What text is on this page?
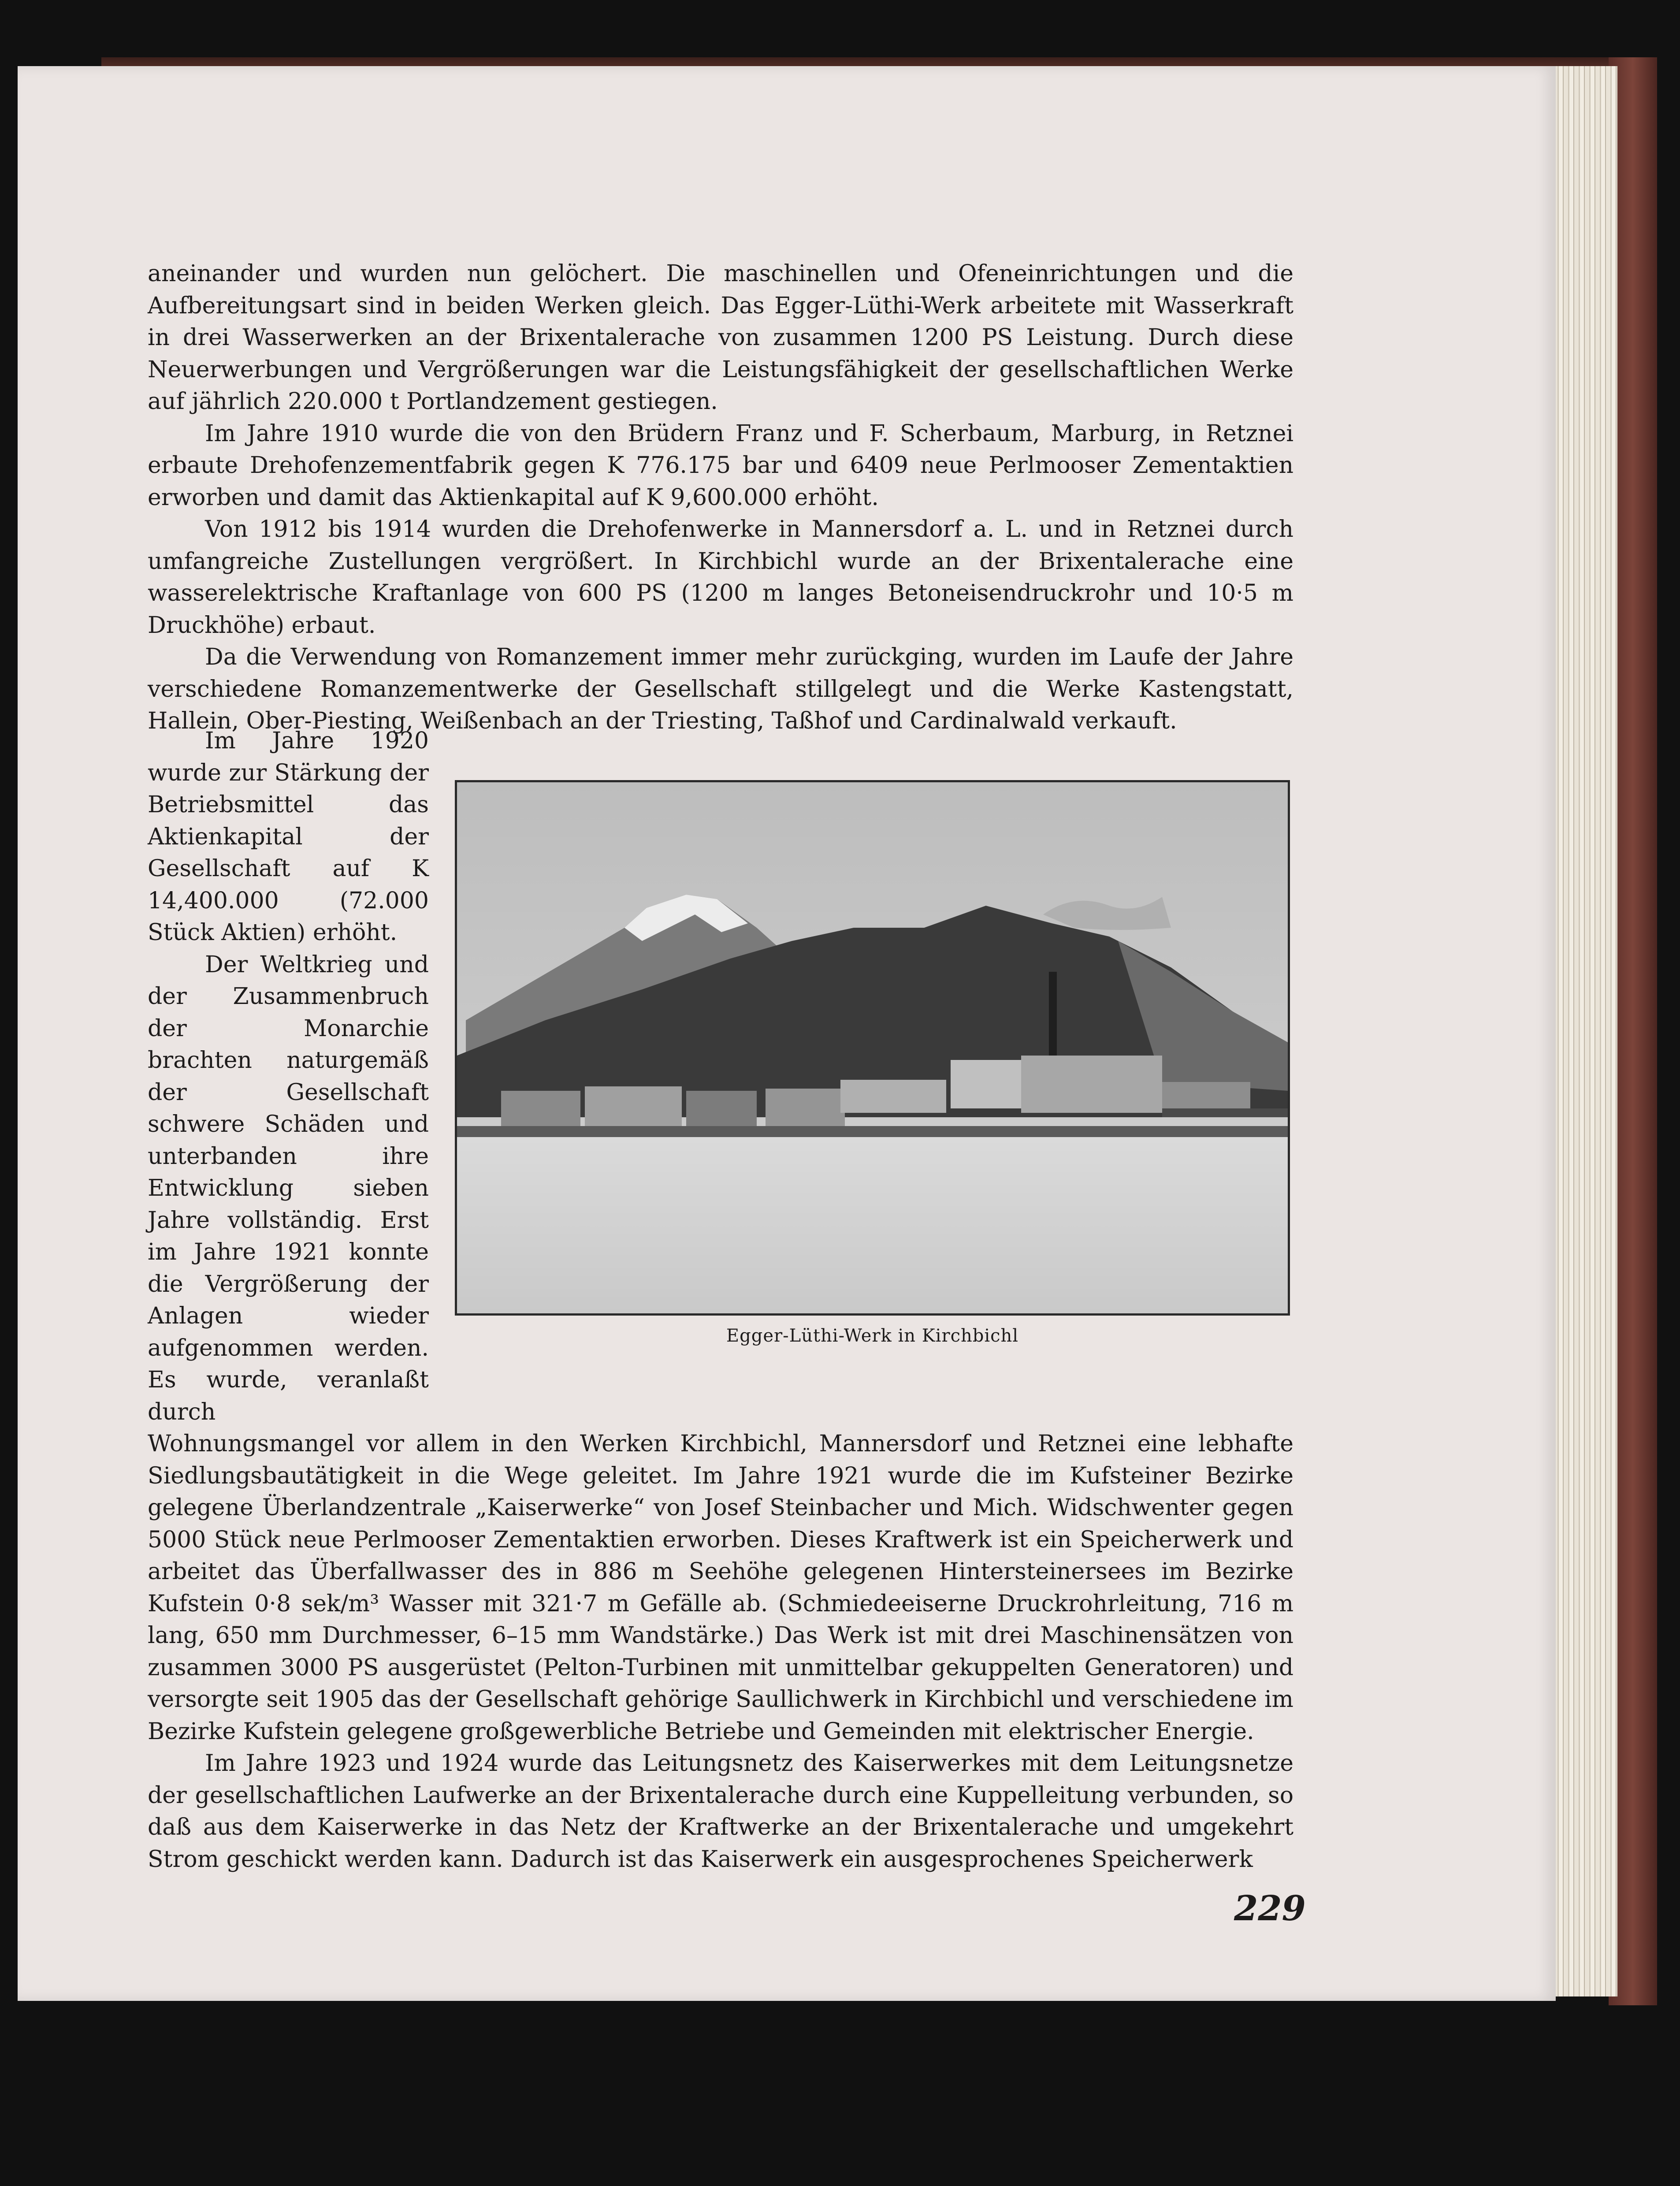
aneinander und wurden nun gelöchert. Die maschinellen und Ofeneinrichtungen und die Aufbereitungsart sind in beiden Werken gleich. Das Egger-Lüthi-Werk arbeitete mit Wasserkraft in drei Wasserwerken an der Brixentalerache von zusammen 1200 PS Leistung. Durch diese Neuerwerbungen und Vergrößerungen war die Leistungsfähigkeit der gesellschaftlichen Werke auf jährlich 220.000 t Portlandzement gestiegen.

Im Jahre 1910 wurde die von den Brüdern Franz und F. Scherbaum, Marburg, in Retznei erbaute Drehofenzementfabrik gegen K 776.175 bar und 6409 neue Perlmooser Zementaktien erworben und damit das Aktienkapital auf K 9,600.000 erhöht.

Von 1912 bis 1914 wurden die Drehofenwerke in Mannersdorf a. L. und in Retznei durch umfangreiche Zustellungen vergrößert. In Kirchbichl wurde an der Brixentalerache eine wasserelektrische Kraftanlage von 600 PS (1200 m langes Betoneisendruckrohr und 10·5 m Druckhöhe) erbaut.

Da die Verwendung von Romanzement immer mehr zurückging, wurden im Laufe der Jahre verschiedene Romanzementwerke der Gesellschaft stillgelegt und die Werke Kastengstatt, Hallein, Ober-Piesting, Weißenbach an der Triesting, Taßhof und Cardinalwald verkauft.

Im Jahre 1920 wurde zur Stärkung der Betriebsmittel das Aktienkapital der Gesellschaft auf K 14,400.000 (72.000 Stück Aktien) erhöht.

Der Weltkrieg und der Zusammenbruch der Monarchie brachten naturgemäß der Gesellschaft schwere Schäden und unterbanden ihre Entwicklung sieben Jahre vollständig. Erst im Jahre 1921 konnte die Vergrößerung der Anlagen wieder aufgenommen werden. Es wurde, veranlaßt durch Wohnungsmangel vor allem in den Werken Kirchbichl, Mannersdorf und Retznei eine lebhafte Siedlungsbautätigkeit in die Wege geleitet. Im Jahre 1921 wurde die im Kufsteiner Bezirke gelegene Überlandzentrale „Kaiserwerke“ von Josef Steinbacher und Mich. Widschwenter gegen 5000 Stück neue Perlmooser Zementaktien erworben. Dieses Kraftwerk ist ein Speicherwerk und arbeitet das Überfallwasser des in 886 m Seehöhe gelegenen Hintersteinersees im Bezirke Kufstein 0·8 sek/m³ Wasser mit 321·7 m Gefälle ab. (Schmiedeeiserne Druckrohrleitung, 716 m lang, 650 mm Durchmesser, 6–15 mm Wandstärke.) Das Werk ist mit drei Maschinensätzen von zusammen 3000 PS ausgerüstet (Pelton-Turbinen mit unmittelbar gekuppelten Generatoren) und versorgte seit 1905 das der Gesellschaft gehörige Saullichwerk in Kirchbichl und verschiedene im Bezirke Kufstein gelegene großgewerbliche Betriebe und Gemeinden mit elektrischer Energie.

Im Jahre 1923 und 1924 wurde das Leitungsnetz des Kaiserwerkes mit dem Leitungsnetze der gesellschaftlichen Laufwerke an der Brixentalerache durch eine Kuppelleitung verbunden, so daß aus dem Kaiserwerke in das Netz der Kraftwerke an der Brixentalerache und umgekehrt Strom geschickt werden kann. Dadurch ist das Kaiserwerk ein ausgesprochenes Speicherwerk

Egger-Lüthi-Werk in Kirchbichl
229
